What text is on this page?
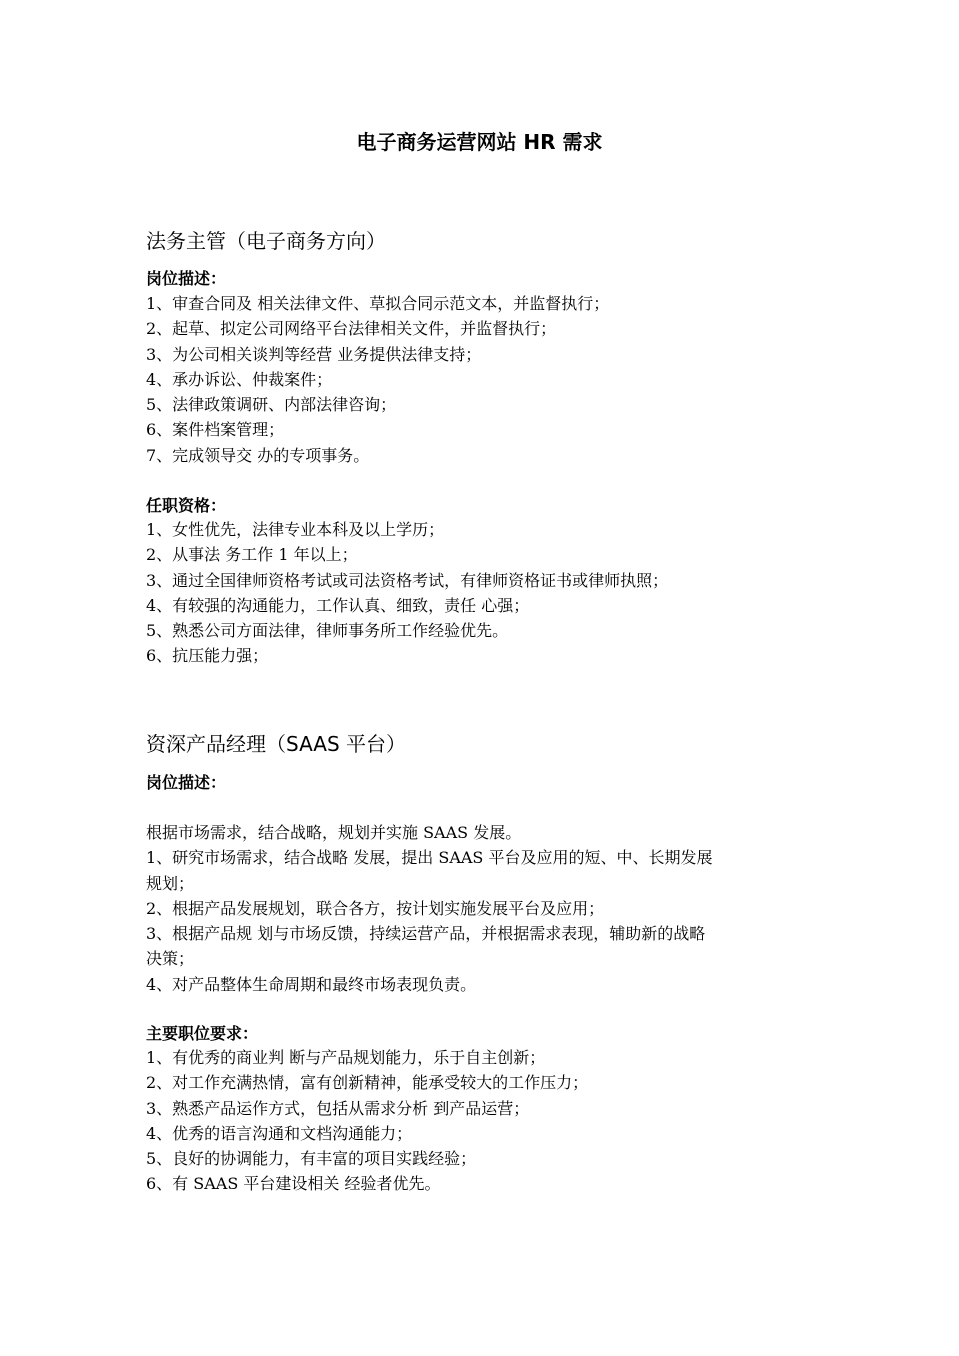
电子商务运营网站 HR 需求
法务主管（电子商务方向）
岗位描述：
1、审查合同及 相关法律文件、草拟合同示范文本，并监督执行；
2、起草、拟定公司网络平台法律相关文件，并监督执行；
3、为公司相关谈判等经营 业务提供法律支持；
4、承办诉讼、仲裁案件；
5、法律政策调研、内部法律咨询；
6、案件档案管理；
7、完成领导交 办的专项事务。
任职资格：
1、女性优先，法律专业本科及以上学历；
2、从事法 务工作 1 年以上；
3、通过全国律师资格考试或司法资格考试，有律师资格证书或律师执照；
4、有较强的沟通能力，工作认真、细致，责任 心强；
5、熟悉公司方面法律，律师事务所工作经验优先。
6、抗压能力强；
资深产品经理（SAAS 平台）
岗位描述：
根据市场需求，结合战略，规划并实施 SAAS 发展。
1、研究市场需求，结合战略 发展，提出 SAAS 平台及应用的短、中、长期发展
规划；
2、根据产品发展规划，联合各方，按计划实施发展平台及应用；
3、根据产品规 划与市场反馈，持续运营产品，并根据需求表现，辅助新的战略
决策；
4、对产品整体生命周期和最终市场表现负责。
主要职位要求：
1、有优秀的商业判 断与产品规划能力，乐于自主创新；
2、对工作充满热情，富有创新精神，能承受较大的工作压力；
3、熟悉产品运作方式，包括从需求分析 到产品运营；
4、优秀的语言沟通和文档沟通能力；
5、良好的协调能力，有丰富的项目实践经验；
6、有 SAAS 平台建设相关 经验者优先。
